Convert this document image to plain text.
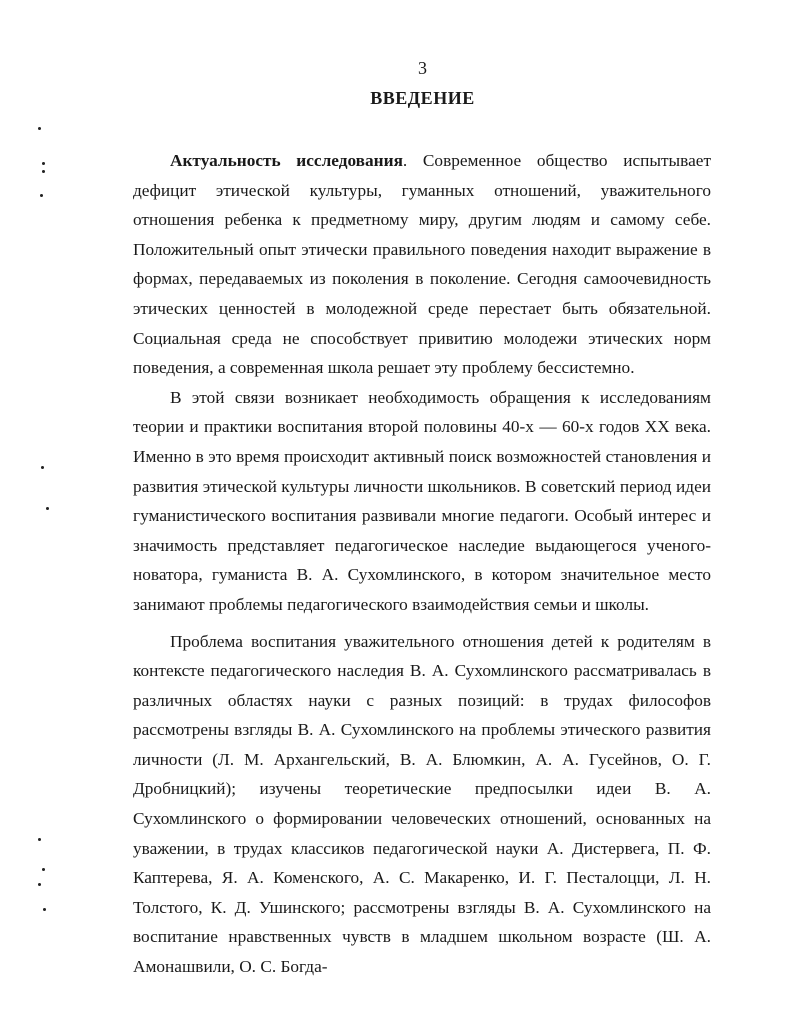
3
ВВЕДЕНИЕ

Актуальность исследования. Современное общество испытывает дефицит этической культуры, гуманных отношений, уважительного отношения ребенка к предметному миру, другим людям и самому себе. Положительный опыт этически правильного поведения находит выражение в формах, передаваемых из поколения в поколение. Сегодня самоочевидность этических ценностей в молодежной среде перестает быть обязательной. Социальная среда не способствует привитию молодежи этических норм поведения, а современная школа решает эту проблему бессистемно.

В этой связи возникает необходимость обращения к исследованиям теории и практики воспитания второй половины 40-х — 60-х годов XX века. Именно в это время происходит активный поиск возможностей становления и развития этической культуры личности школьников. В советский период идеи гуманистического воспитания развивали многие педагоги. Особый интерес и значимость представляет педагогическое наследие выдающегося ученого-новатора, гуманиста В. А. Сухомлинского, в котором значительное место занимают проблемы педагогического взаимодействия семьи и школы.

Проблема воспитания уважительного отношения детей к родителям в контексте педагогического наследия В. А. Сухомлинского рассматривалась в различных областях науки с разных позиций: в трудах философов рассмотрены взгляды В. А. Сухомлинского на проблемы этического развития личности (Л. М. Архангельский, В. А. Блюмкин, А. А. Гусейнов, О. Г. Дробницкий); изучены теоретические предпосылки идеи В. А. Сухомлинского о формировании человеческих отношений, основанных на уважении, в трудах классиков педагогической науки А. Дистервега, П. Ф. Каптерева, Я. А. Коменского, А. С. Макаренко, И. Г. Песталоцци, Л. Н. Толстого, К. Д. Ушинского; рассмотрены взгляды В. А. Сухомлинского на воспитание нравственных чувств в младшем школьном возрасте (Ш. А. Амонашвили, О. С. Богда-
